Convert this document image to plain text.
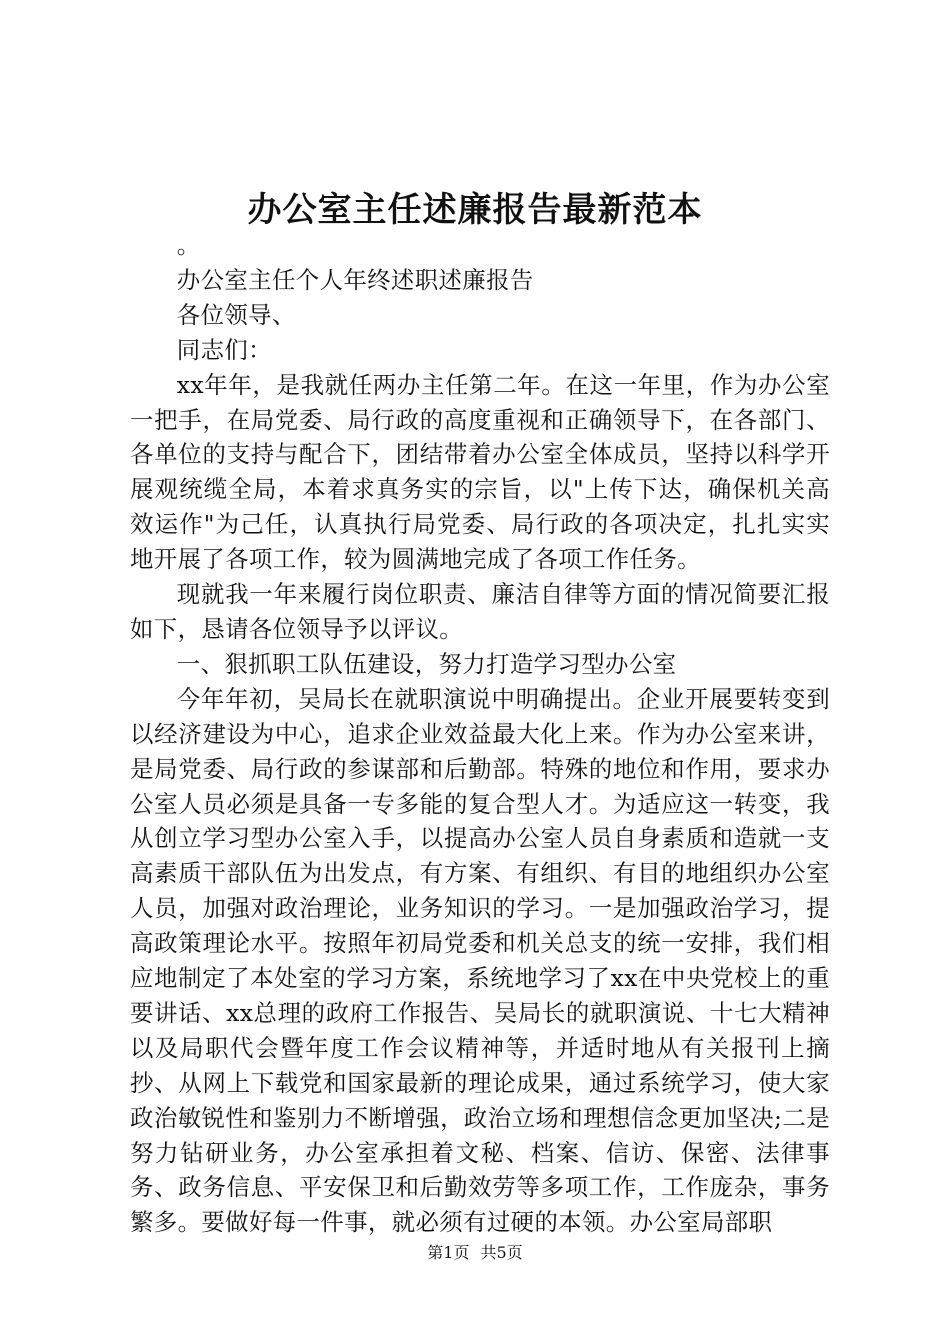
办公室主任述廉报告最新范本

。

办公室主任个人年终述职述廉报告

各位领导、

同志们：

xx年年，是我就任两办主任第二年。在这一年里，作为办公室一把手，在局党委、局行政的高度重视和正确领导下，在各部门、各单位的支持与配合下，团结带着办公室全体成员，坚持以科学开展观统缆全局，本着求真务实的宗旨，以"上传下达，确保机关高效运作"为己任，认真执行局党委、局行政的各项决定，扎扎实实地开展了各项工作，较为圆满地完成了各项工作任务。

现就我一年来履行岗位职责、廉洁自律等方面的情况简要汇报如下，恳请各位领导予以评议。

一、狠抓职工队伍建设，努力打造学习型办公室

今年年初，吴局长在就职演说中明确提出。企业开展要转变到以经济建设为中心，追求企业效益最大化上来。作为办公室来讲，是局党委、局行政的参谋部和后勤部。特殊的地位和作用，要求办公室人员必须是具备一专多能的复合型人才。为适应这一转变，我从创立学习型办公室入手，以提高办公室人员自身素质和造就一支高素质干部队伍为出发点，有方案、有组织、有目的地组织办公室人员，加强对政治理论，业务知识的学习。一是加强政治学习，提高政策理论水平。按照年初局党委和机关总支的统一安排，我们相应地制定了本处室的学习方案，系统地学习了xx在中央党校上的重要讲话、xx总理的政府工作报告、吴局长的就职演说、十七大精神以及局职代会暨年度工作会议精神等，并适时地从有关报刊上摘抄、从网上下载党和国家最新的理论成果，通过系统学习，使大家政治敏锐性和鉴别力不断增强，政治立场和理想信念更加坚决;二是努力钻研业务，办公室承担着文秘、档案、信访、保密、法律事务、政务信息、平安保卫和后勤效劳等多项工作，工作庞杂，事务繁多。要做好每一件事，就必须有过硬的本领。办公室局部职

第1页 共5页
